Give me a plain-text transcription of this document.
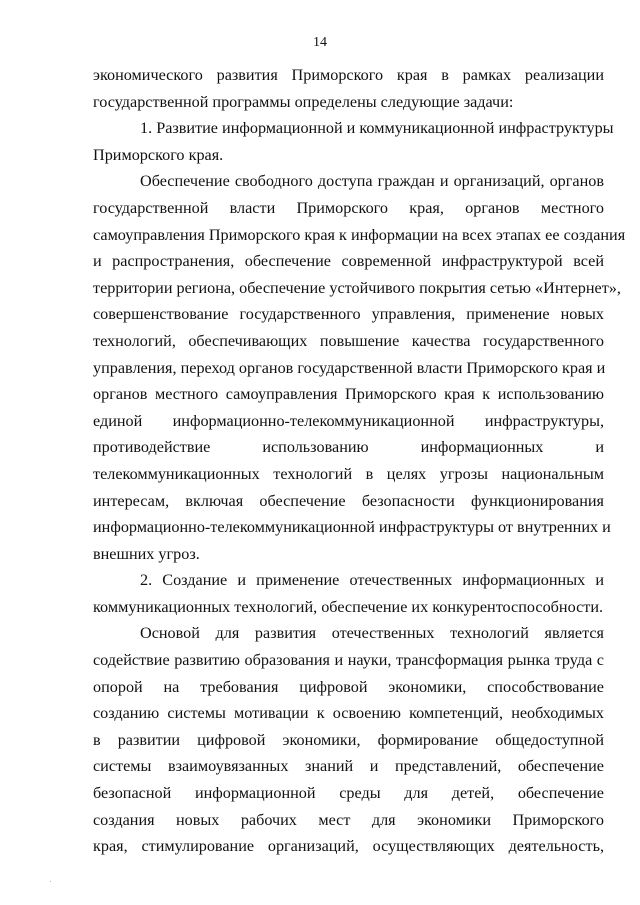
14
экономического развития Приморского края в рамках реализации
государственной программы определены следующие задачи:
1. Развитие информационной и коммуникационной инфраструктуры
Приморского края.
Обеспечение свободного доступа граждан и организаций, органов
государственной власти Приморского края, органов местного
самоуправления Приморского края к информации на всех этапах ее создания
и распространения, обеспечение современной инфраструктурой всей
территории региона, обеспечение устойчивого покрытия сетью «Интернет»,
совершенствование государственного управления, применение новых
технологий, обеспечивающих повышение качества государственного
управления, переход органов государственной власти Приморского края и
органов местного самоуправления Приморского края к использованию
единой информационно-телекоммуникационной инфраструктуры,
противодействие использованию информационных и
телекоммуникационных технологий в целях угрозы национальным
интересам, включая обеспечение безопасности функционирования
информационно-телекоммуникационной инфраструктуры от внутренних и
внешних угроз.
2. Создание и применение отечественных информационных и
коммуникационных технологий, обеспечение их конкурентоспособности.
Основой для развития отечественных технологий является
содействие развитию образования и науки, трансформация рынка труда с
опорой на требования цифровой экономики, способствование
созданию системы мотивации к освоению компетенций, необходимых
в развитии цифровой экономики, формирование общедоступной
системы взаимоувязанных знаний и представлений, обеспечение
безопасной информационной среды для детей, обеспечение
создания новых рабочих мест для экономики Приморского
края, стимулирование организаций, осуществляющих деятельность,
